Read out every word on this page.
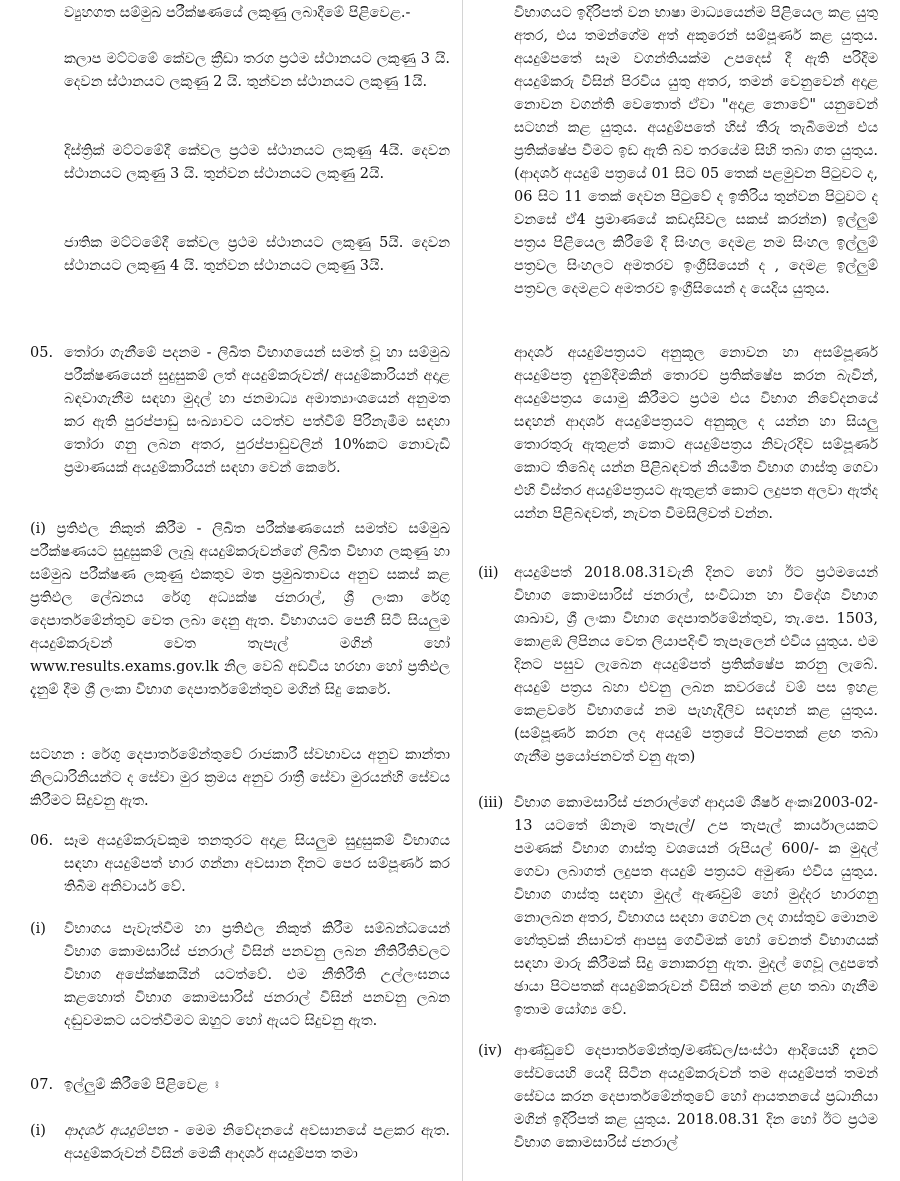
ව්‍යුහගත සම්මුඛ පරීක්ෂණයේ ලකුණු ලබාදීමේ පිළිවෙළ.-
කලාප මට්ටමේ කේවල ක්‍රීඩා තරග ප්‍රථම ස්ථානයට ලකුණු 3 යි. දෙවන ස්ථානයට ලකුණු 2 යි. තුන්වන ස්ථානයට ලකුණු 1යි.
දිස්ත්‍රික් මට්ටමේදී කේවල ප්‍රථම ස්ථානයට ලකුණු 4යි. දෙවන ස්ථානයට ලකුණු 3 යි. තුන්වන ස්ථානයට ලකුණු 2යි.
ජාතික මට්ටමේදී කේවල ප්‍රථම ස්ථානයට ලකුණු 5යි. දෙවන ස්ථානයට ලකුණු 4 යි. තුන්වන ස්ථානයට ලකුණු 3යි.
05. තෝරා ගැනීමේ පදනම - ලිඛිත විභාගයෙන් සමත් වූ හා සම්මුඛ පරීක්ෂණයෙන් සුදුසුකම් ලත් අයදුම්කරුවන්/ අයදුම්කාරියන් අදාළ බඳවාගැනීම සඳහා මුදල් හා ජනමාධ්‍ය අමාත්‍යාංශයෙන් අනුමත කර ඇති පුරප්පාඩු සංඛ්‍යාවට යටත්ව පත්වීම් පිරිනැමීම සඳහා තෝරා ගනු ලබන අතර, පුරප්පාඩුවලින් 10%කට නොවැඩි ප්‍රමාණයක් අයදුම්කාරියන් සඳහා වෙන් කෙරේ.
(i) ප්‍රතිඵල නිකුත් කිරීම - ලිඛිත පරීක්ෂණයෙන් සමත්ව සම්මුඛ පරීක්ෂණයට සුදුසුකම් ලැබූ අයදුම්කරුවන්ගේ ලිඛිත විභාග ලකුණු හා සම්මුඛ පරීක්ෂණ ලකුණු එකතුව මත ප්‍රමුඛතාවය අනුව සකස් කළ ප්‍රතිඵල ලේඛනය රේගු අධ්‍යක්ෂ ජනරාල්, ශ්‍රී ලංකා රේගු දෙපාර්තමේන්තුව වෙත ලබා දෙනු ඇත. විභාගයට පෙනී සිටි සියලුම අයදුම්කරුවන් වෙත තැපැල් මගින් හෝ www.results.exams.gov.lk නිල වෙබ් අඩවිය හරහා හෝ ප්‍රතිඵල දැනුම් දීම ශ්‍රී ලංකා විභාග දෙපාර්තමේන්තුව මගින් සිදු කෙරේ.
සටහන : රේගු දෙපාර්තමේන්තුවේ රාජකාරී ස්වභාවය අනුව කාන්තා නිලධාරිනියන්ට ද සේවා මුර ක්‍රමය අනුව රාත්‍රී සේවා මුරයන්හි සේවය කිරීමට සිදුවනු ඇත.
06. සෑම අයදුම්කරුවකුම තනතුරට අදාළ සියලුම සුදුසුකම් විභාගය සඳහා අයදුම්පත් භාර ගන්නා අවසාන දිනට පෙර සම්පූර්ණ කර තිබීම අනිවාර්ය වේ.
(i) විභාගය පැවැත්වීම හා ප්‍රතිඵල නිකුත් කිරීම සම්බන්ධයෙන් විභාග කොමසාරිස් ජනරාල් විසින් පනවනු ලබන නීතිරීතිවලට විභාග අපේක්ෂකයින් යටත්වේ. එම නීතිරීති උල්ලංඝනය කළහොත් විභාග කොමසාරිස් ජනරාල් විසින් පනවනු ලබන දඬුවමකට යටත්වීමට ඔහුට හෝ ඇයට සිදුවනු ඇත.
07. ඉල්ලුම් කිරීමේ පිළිවෙළ ඃ
(i) ආදර්ශ අයදුම්පත - මෙම නිවේදනයේ අවසානයේ පළකර ඇත. අයදුම්කරුවන් විසින් මෙකී ආදර්ශ අයදුම්පත තමා
විභාගයට ඉදිරිපත් වන භාෂා මාධ්‍යයෙන්ම පිළියෙල කළ යුතු අතර, එය තමන්ගේම අත් අකුරෙන් සම්පූර්ණ කළ යුතුය. අයදුම්පතේ සෑම වගන්තියක්ම උපදෙස් දී ඇති පරිදිම අයදුම්කරු විසින් පිරවිය යුතු අතර, තමන් වෙනුවෙන් අදාළ නොවන වගන්ති වෙතොත් ඒවා "අදාළ නොවේ" යනුවෙන් සටහන් කළ යුතුය. අයදුම්පතේ හිස් තීරු තැබීමෙන් එය ප්‍රතික්ෂේප වීමට ඉඩ ඇති බව තරයේම සිහි තබා ගත යුතුය. (ආදර්ශ අයදුම් පත්‍රයේ 01 සිට 05 තෙක් පළමුවන පිටුවට ද, 06 සිට 11 තෙක් දෙවන පිටුවේ ද ඉතිරිය තුන්වන පිටුවට ද වනසේ ඒ4 ප්‍රමාණයේ කඩදාසිවල සකස් කරන්න) ඉල්ලුම් පත්‍රය පිළියෙල කිරීමේ දී සිංහල දෙමළ නම සිංහල ඉල්ලුම් පත්‍රවල සිංහලට අමතරව ඉංග්‍රීසියෙන් ද , දෙමළ ඉල්ලුම් පත්‍රවල දෙමළට අමතරව ඉංග්‍රීසියෙන් ද යෙදිය යුතුය.
ආදර්ශ අයදුම්පත්‍රයට අනුකූල නොවන හා අසම්පූර්ණ අයදුම්පත්‍ර දැනුම්දීමකින් තොරව ප්‍රතික්ෂේප කරන බැවින්, අයදුම්පත්‍රය යොමු කිරීමට ප්‍රථම එය විභාග නිවේදනයේ සඳහන් ආදර්ශ අයදුම්පත්‍රයට අනුකූල ද යන්න හා සියලු තොරතුරු ඇතුළත් කොට අයදුම්පත්‍රය නිවැරදිව සම්පූර්ණ කොට තිබේද යන්න පිළිබඳවත් නියමිත විභාග ගාස්තු ගෙවා එහි විස්තර අයදුම්පත්‍රයට ඇතුළත් කොට ලදුපත අලවා ඇත්ද යන්න පිළිබඳවත්, නැවත විමසිලිවත් වන්න.
(ii) අයදුම්පත් 2018.08.31වැනි දිනට හෝ ඊට ප්‍රථමයෙන් විභාග කොමසාරිස් ජනරාල්, සංවිධාන හා විදේශ විභාග ශාඛාව, ශ්‍රී ලංකා විභාග දෙපාර්තමේන්තුව, තැ.පෙ. 1503, කොළඹ ලිපිනය වෙත ලියාපදිංචි තැපෑලෙන් එවිය යුතුය. එම දිනට පසුව ලැබෙන අයදුම්පත් ප්‍රතික්ෂේප කරනු ලැබේ. අයදුම් පත්‍රය බහා එවනු ලබන කවරයේ වම් පස ඉහළ කෙළවරේ විභාගයේ නම පැහැදිලිව සඳහන් කළ යුතුය.(සම්පූර්ණ කරන ලද අයදුම් පත්‍රයේ පිටපතක් ළඟ තබා ගැනීම ප්‍රයෝජනවත් වනු ඇත)
(iii) විභාග කොමසාරිස් ජනරාල්ගේ ආදායම් ශීර්ෂ අංකඃ2003-02-13 යටතේ ඕනෑම තැපැල්/ උප තැපැල් කාර්යාලයකට පමණක් විභාග ගාස්තු වශයෙන් රුපියල් 600/- ක මුදල් ගෙවා ලබාගත් ලදුපත අයදුම් පත්‍රයට අමුණා එවිය යුතුය. විභාග ගාස්තු සඳහා මුදල් ඇණවුම් හෝ මුද්දර භාරගනු නොලබන අතර, විභාගය සඳහා ගෙවන ලද ගාස්තුව මොනම හේතුවක් නිසාවත් ආපසු ගෙවීමක් හෝ වෙනත් විභාගයක් සඳහා මාරු කිරීමක් සිදු නොකරනු ඇත. මුදල් ගෙවූ ලදුපතේ ඡායා පිටපතක් අයදුම්කරුවන් විසින් තමන් ළඟ තබා ගැනීම ඉතාම යෝග්‍ය වේ.
(iv) ආණ්ඩුවේ දෙපාර්තමේන්තු/මණ්ඩල/සංස්ථා ආදියෙහි දැනට සේවයෙහි යෙදී සිටින අයදුම්කරුවන් තම අයදුම්පත් තමන් සේවය කරන දෙපාර්තමේන්තුවේ හෝ ආයතනයේ ප්‍රධානියා මගින් ඉදිරිපත් කළ යුතුය. 2018.08.31 දින හෝ ඊට ප්‍රථම විභාග කොමසාරිස් ජනරාල්
